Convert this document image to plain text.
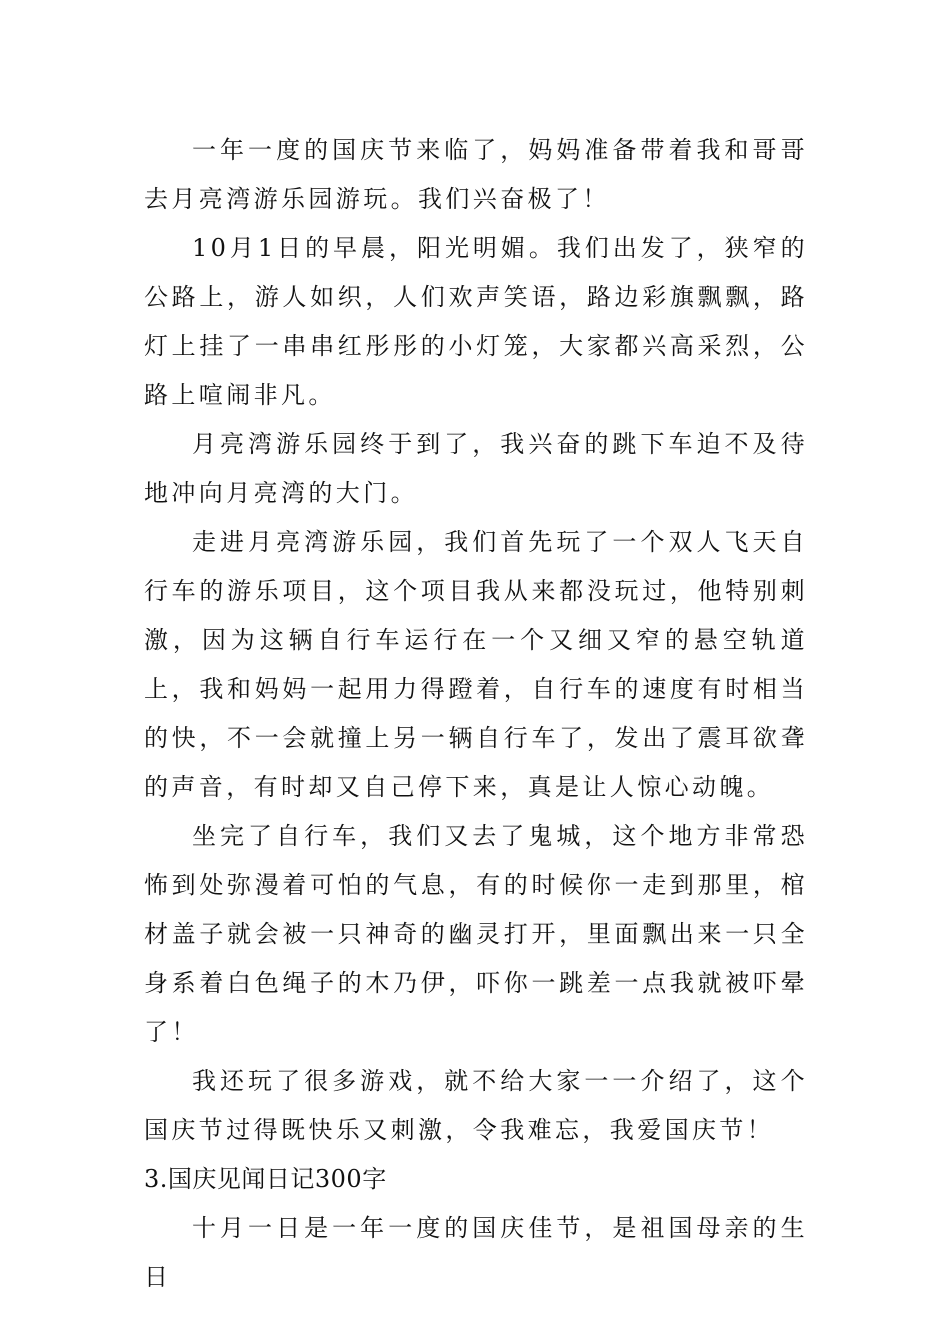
一年一度的国庆节来临了，妈妈准备带着我和哥哥去月亮湾游乐园游玩。我们兴奋极了！

10月1日的早晨，阳光明媚。我们出发了，狭窄的公路上，游人如织，人们欢声笑语，路边彩旗飘飘，路灯上挂了一串串红彤彤的小灯笼，大家都兴高采烈，公路上喧闹非凡。

月亮湾游乐园终于到了，我兴奋的跳下车迫不及待地冲向月亮湾的大门。

走进月亮湾游乐园，我们首先玩了一个双人飞天自行车的游乐项目，这个项目我从来都没玩过，他特别刺激，因为这辆自行车运行在一个又细又窄的悬空轨道上，我和妈妈一起用力得蹬着，自行车的速度有时相当的快，不一会就撞上另一辆自行车了，发出了震耳欲聋的声音，有时却又自己停下来，真是让人惊心动魄。

坐完了自行车，我们又去了鬼城，这个地方非常恐怖到处弥漫着可怕的气息，有的时候你一走到那里，棺材盖子就会被一只神奇的幽灵打开，里面飘出来一只全身系着白色绳子的木乃伊，吓你一跳差一点我就被吓晕了！

我还玩了很多游戏，就不给大家一一介绍了，这个国庆节过得既快乐又刺激，令我难忘，我爱国庆节！

3.国庆见闻日记300字

十月一日是一年一度的国庆佳节，是祖国母亲的生日
